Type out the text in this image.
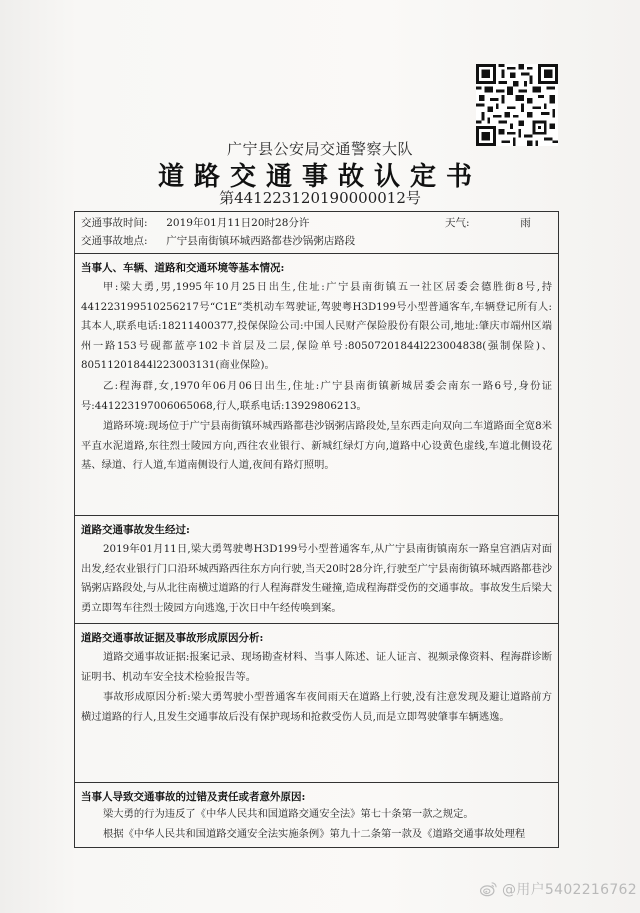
广宁县公安局交通警察大队
道路交通事故认定书
第441223120190000012号
交通事故时间: 2019年01月11日20时28分许	天气:	雨
交通事故地点: 广宁县南街镇环城西路都巷沙锅粥店路段
当事人、车辆、道路和交通环境等基本情况:
甲:梁大勇,男,1995年10月25日出生,住址:广宁县南街镇五一社区居委会德胜街8号,持441223199510256217号“C1E”类机动车驾驶证,驾驶粤H3D199号小型普通客车,车辆登记所有人:其本人,联系电话:18211400377,投保保险公司:中国人民财产保险股份有限公司,地址:肇庆市端州区端州一路153号砚都蓝亭102卡首层及二层,保险单号:80507201844l223004838(强制保险)、80511201844l223003131(商业保险)。
乙:程海群,女,1970年06月06日出生,住址:广宁县南街镇新城居委会南东一路6号,身份证号:441223197006065068,行人,联系电话:13929806213。
道路环境:现场位于广宁县南街镇环城西路都巷沙锅粥店路段处,呈东西走向双向二车道路面全宽8米平直水泥道路,东往烈士陵园方向,西往农业银行、新城红绿灯方向,道路中心设黄色虚线,车道北侧设花基、绿道、行人道,车道南侧设行人道,夜间有路灯照明。
道路交通事故发生经过:
2019年01月11日,梁大勇驾驶粤H3D199号小型普通客车,从广宁县南街镇南东一路皇宫酒店对面出发,经农业银行门口沿环城西路西往东方向行驶,当天20时28分许,行驶至广宁县南街镇环城西路都巷沙锅粥店路段处,与从北往南横过道路的行人程海群发生碰撞,造成程海群受伤的交通事故。事故发生后梁大勇立即驾车往烈士陵园方向逃逸,于次日中午经传唤到案。
道路交通事故证据及事故形成原因分析:
道路交通事故证据:报案记录、现场勘查材料、当事人陈述、证人证言、视频录像资料、程海群诊断证明书、机动车安全技术检验报告等。
事故形成原因分析:梁大勇驾驶小型普通客车夜间雨天在道路上行驶,没有注意发现及避让道路前方横过道路的行人,且发生交通事故后没有保护现场和抢救受伤人员,而是立即驾驶肇事车辆逃逸。
当事人导致交通事故的过错及责任或者意外原因:
梁大勇的行为违反了《中华人民共和国道路交通安全法》第七十条第一款之规定。
根据《中华人民共和国道路交通安全法实施条例》第九十二条第一款及《道路交通事故处理程
@用户5402216762
